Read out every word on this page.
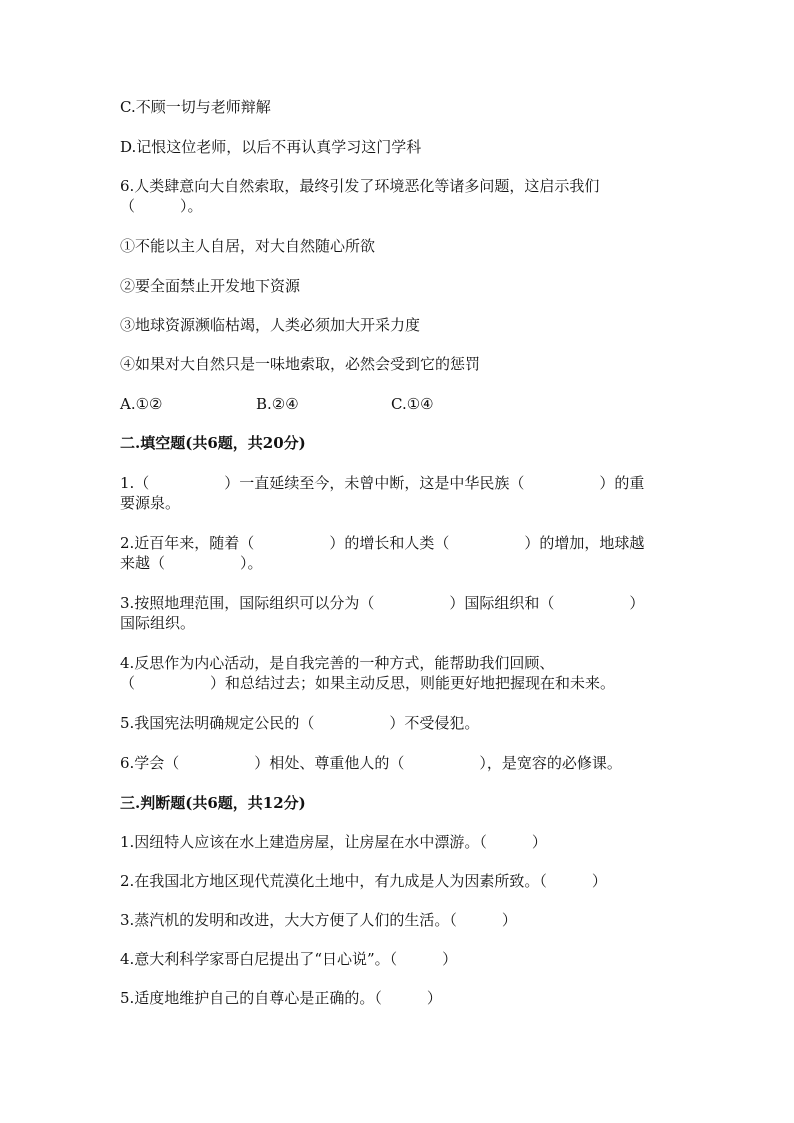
C.不顾一切与老师辩解
D.记恨这位老师，以后不再认真学习这门学科
6.人类肆意向大自然索取，最终引发了环境恶化等诸多问题，这启示我们
（　　　）。
①不能以主人自居，对大自然随心所欲
②要全面禁止开发地下资源
③地球资源濒临枯竭，人类必须加大开采力度
④如果对大自然只是一味地索取，必然会受到它的惩罚
A.①②	B.②④	C.①④
二.填空题(共6题，共20分)
1.（　　　　　）一直延续至今，未曾中断，这是中华民族（　　　　　）的重
要源泉。
2.近百年来，随着（　　　　　）的增长和人类（　　　　　）的增加，地球越
来越（　　　　　）。
3.按照地理范围，国际组织可以分为（　　　　　）国际组织和（　　　　　）
国际组织。
4.反思作为内心活动，是自我完善的一种方式，能帮助我们回顾、
（　　　　　）和总结过去；如果主动反思，则能更好地把握现在和未来。
5.我国宪法明确规定公民的（　　　　　）不受侵犯。
6.学会（　　　　　）相处、尊重他人的（　　　　　），是宽容的必修课。
三.判断题(共6题，共12分)
1.因纽特人应该在水上建造房屋，让房屋在水中漂游。（　　　）
2.在我国北方地区现代荒漠化土地中，有九成是人为因素所致。（　　　）
3.蒸汽机的发明和改进，大大方便了人们的生活。（　　　）
4.意大利科学家哥白尼提出了“日心说”。（　　　）
5.适度地维护自己的自尊心是正确的。（　　　）
